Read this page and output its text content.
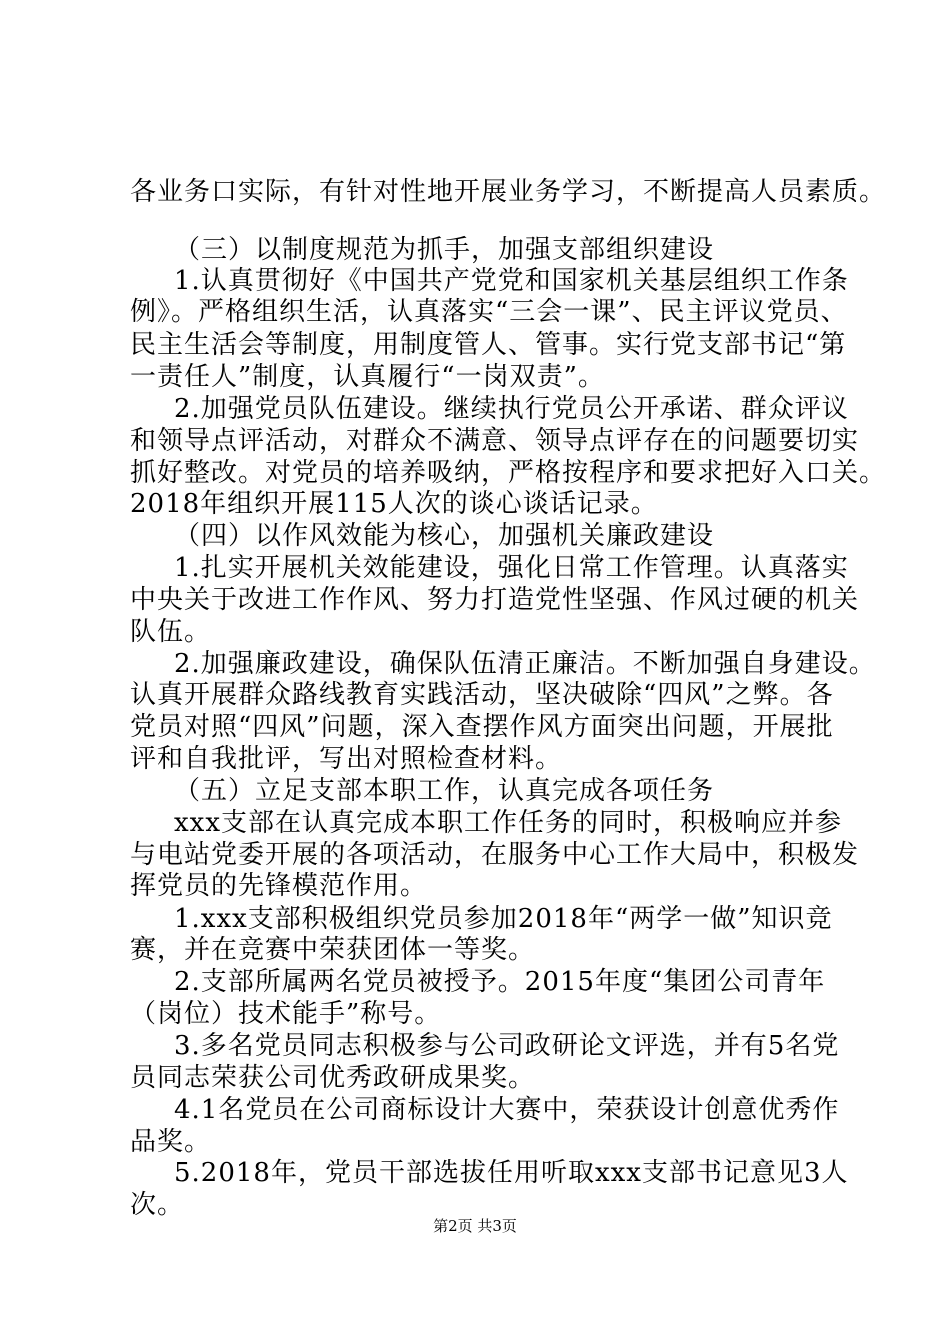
各业务口实际，有针对性地开展业务学习，不断提高人员素质。
（三）以制度规范为抓手，加强支部组织建设
1.认真贯彻好《中国共产党党和国家机关基层组织工作条
例》。严格组织生活，认真落实“三会一课”、民主评议党员、
民主生活会等制度，用制度管人、管事。实行党支部书记“第
一责任人”制度，认真履行“一岗双责”。
2.加强党员队伍建设。继续执行党员公开承诺、群众评议
和领导点评活动，对群众不满意、领导点评存在的问题要切实
抓好整改。对党员的培养吸纳，严格按程序和要求把好入口关。
2018年组织开展115人次的谈心谈话记录。
（四）以作风效能为核心，加强机关廉政建设
1.扎实开展机关效能建设，强化日常工作管理。认真落实
中央关于改进工作作风、努力打造党性坚强、作风过硬的机关
队伍。
2.加强廉政建设，确保队伍清正廉洁。不断加强自身建设。
认真开展群众路线教育实践活动，坚决破除“四风”之弊。各
党员对照“四风”问题，深入查摆作风方面突出问题，开展批
评和自我批评，写出对照检查材料。
（五）立足支部本职工作，认真完成各项任务
xxx支部在认真完成本职工作任务的同时，积极响应并参
与电站党委开展的各项活动，在服务中心工作大局中，积极发
挥党员的先锋模范作用。
1.xxx支部积极组织党员参加2018年“两学一做”知识竞
赛，并在竞赛中荣获团体一等奖。
2.支部所属两名党员被授予。2015年度“集团公司青年
（岗位）技术能手”称号。
3.多名党员同志积极参与公司政研论文评选，并有5名党
员同志荣获公司优秀政研成果奖。
4.1名党员在公司商标设计大赛中，荣获设计创意优秀作
品奖。
5.2018年，党员干部选拔任用听取xxx支部书记意见3人
次。
第2页 共3页
